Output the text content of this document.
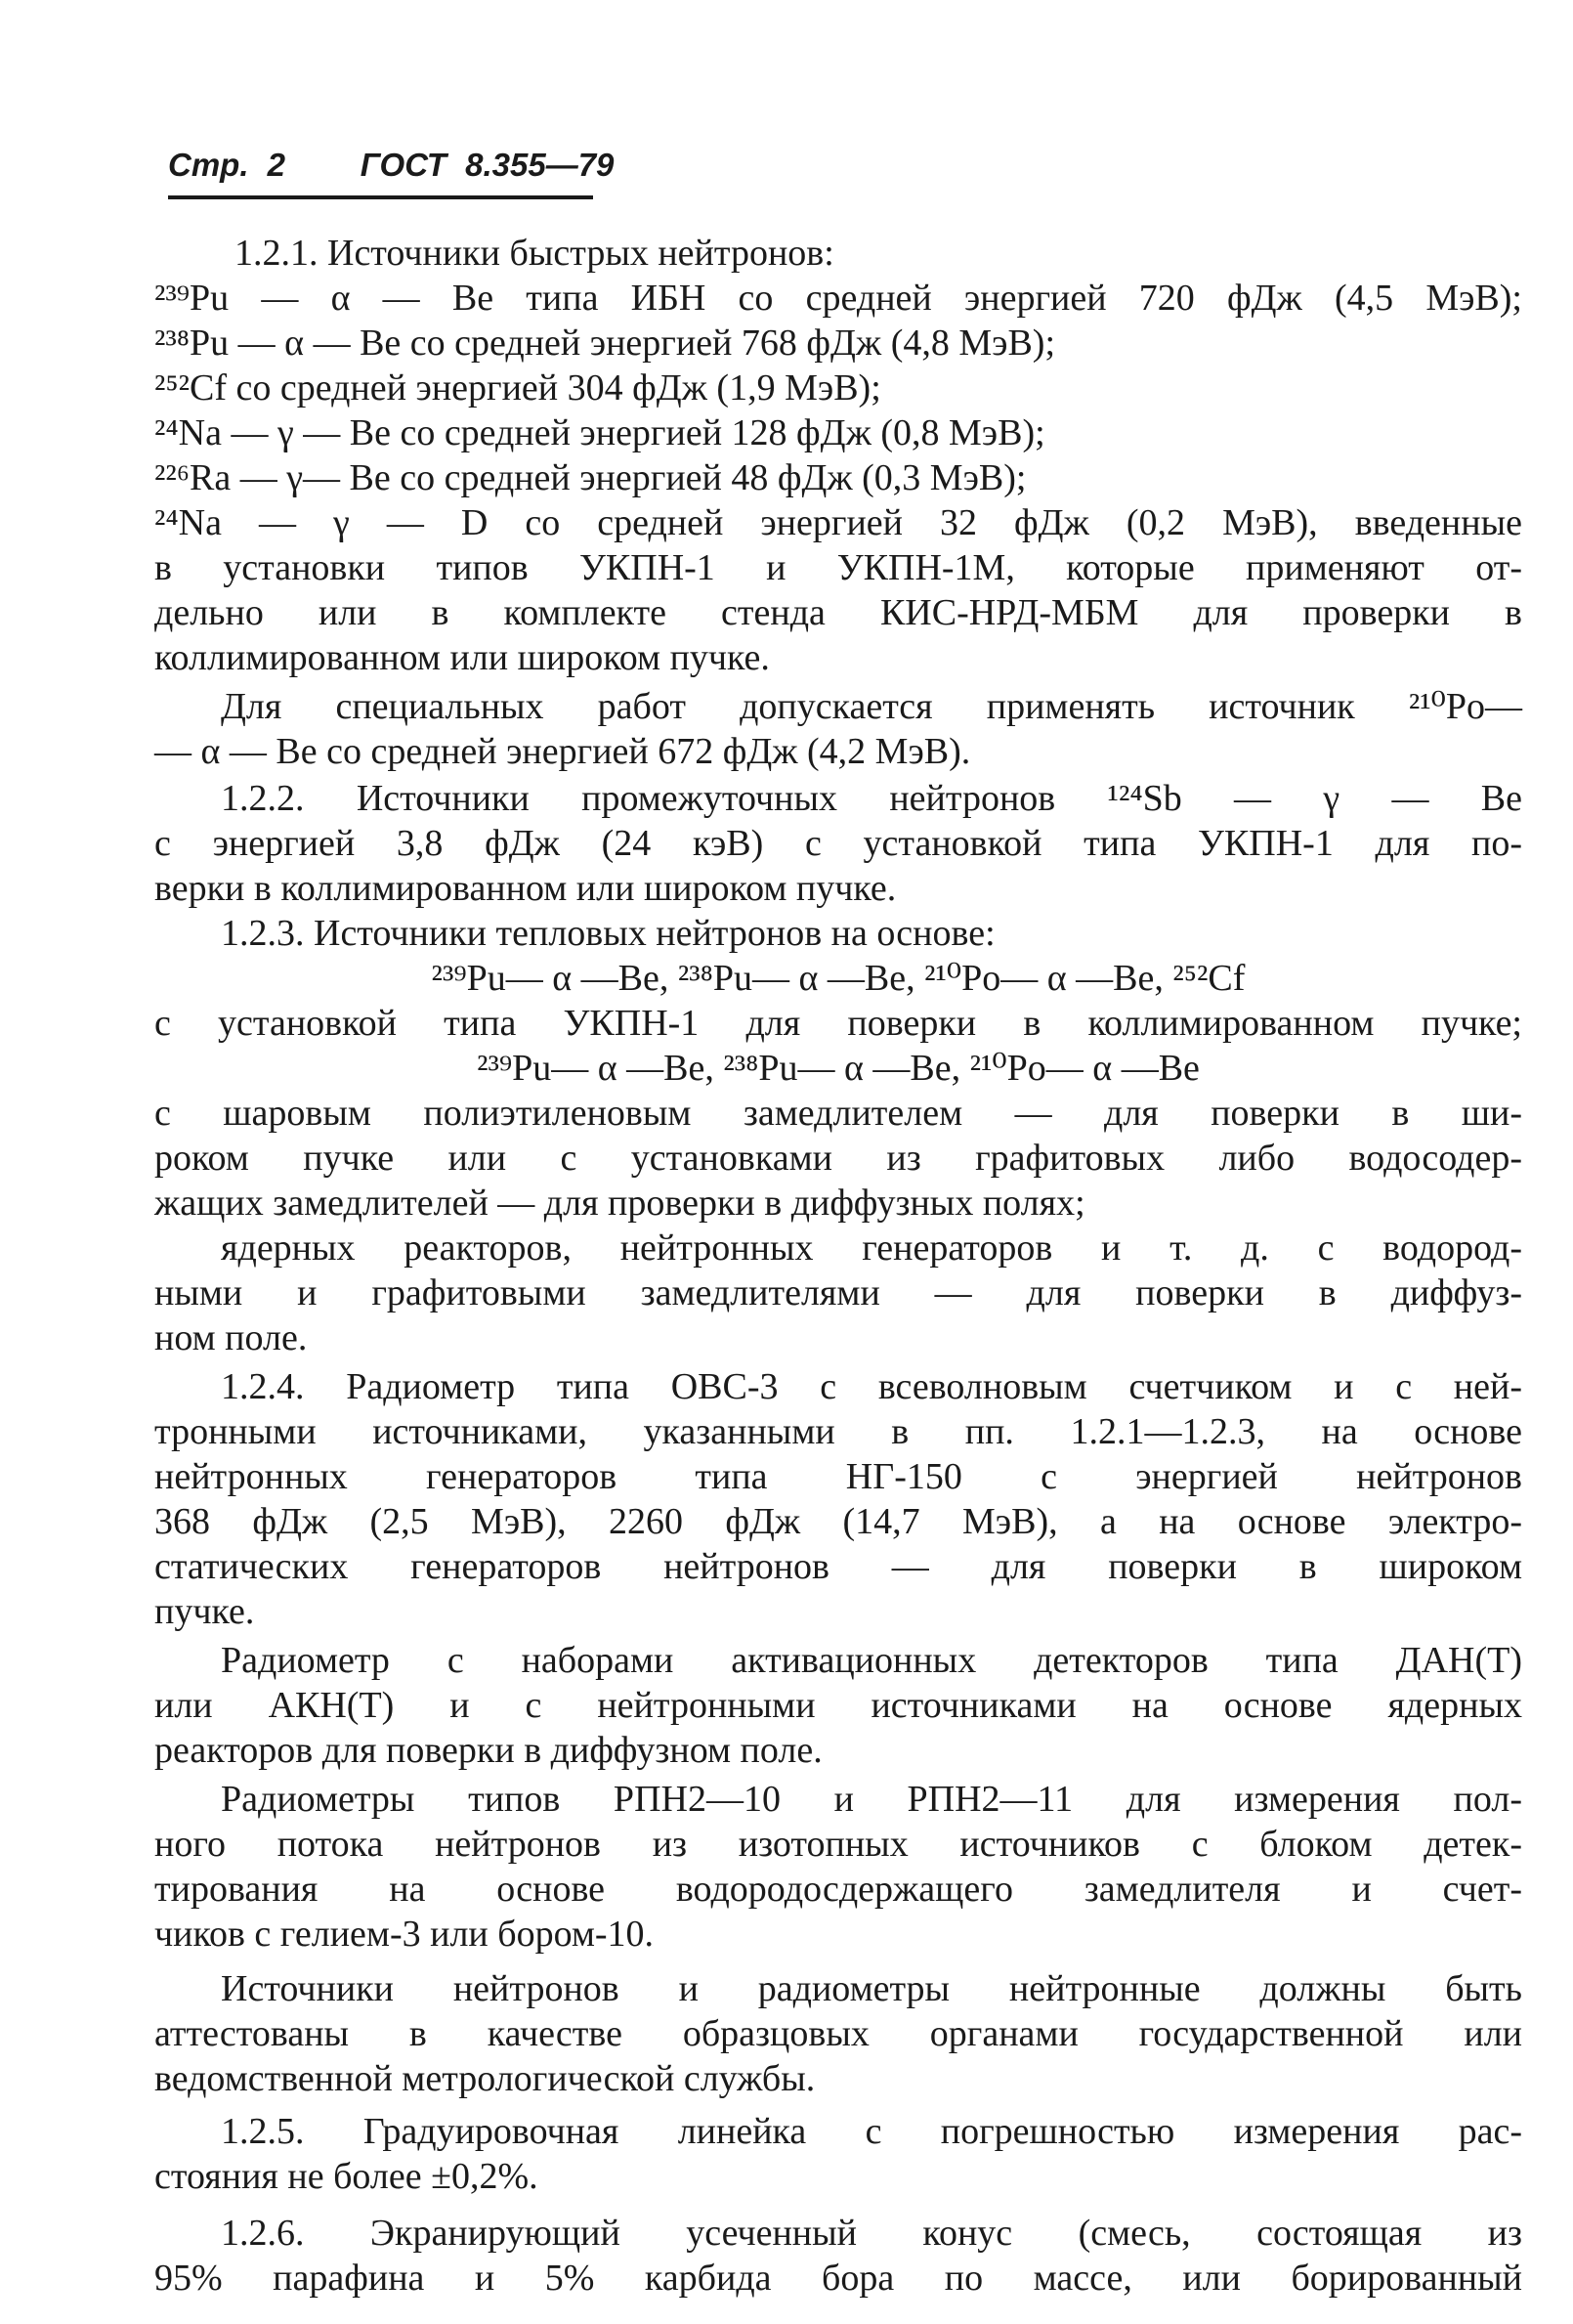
Стр. 2 ГОСТ 8.355—79
1.2.1. Источники быстрых нейтронов:
²³⁹Pu — α — Be типа ИБН со средней энергией 720 фДж (4,5 МэВ);
²³⁸Pu — α — Be со средней энергией 768 фДж (4,8 МэВ);
²⁵²Cf со средней энергией 304 фДж (1,9 МэВ);
²⁴Na — γ — Be со средней энергией 128 фДж (0,8 МэВ);
²²⁶Ra — γ— Be со средней энергией 48 фДж (0,3 МэВ);
²⁴Na — γ — D со средней энергией 32 фДж (0,2 МэВ), введенные
в установки типов УКПН-1 и УКПН-1М, которые применяют от-
дельно или в комплекте стенда КИС-НРД-МБМ для проверки в
коллимированном или широком пучке.
Для специальных работ допускается применять источник ²¹⁰Po—
— α — Be со средней энергией 672 фДж (4,2 МэВ).
1.2.2. Источники промежуточных нейтронов ¹²⁴Sb — γ — Be
с энергией 3,8 фДж (24 кэВ) с установкой типа УКПН-1 для по-
верки в коллимированном или широком пучке.
1.2.3. Источники тепловых нейтронов на основе:
²³⁹Pu— α —Be, ²³⁸Pu— α —Be, ²¹⁰Po— α —Be, ²⁵²Cf
с установкой типа УКПН-1 для поверки в коллимированном пучке;
²³⁹Pu— α —Be, ²³⁸Pu— α —Be, ²¹⁰Po— α —Be
с шаровым полиэтиленовым замедлителем — для поверки в ши-
роком пучке или с установками из графитовых либо водосодер-
жащих замедлителей — для проверки в диффузных полях;
ядерных реакторов, нейтронных генераторов и т. д. с водород-
ными и графитовыми замедлителями — для поверки в диффуз-
ном поле.
1.2.4. Радиометр типа ОВС-3 с всеволновым счетчиком и с ней-
тронными источниками, указанными в пп. 1.2.1—1.2.3, на основе
нейтронных генераторов типа НГ-150 с энергией нейтронов
368 фДж (2,5 МэВ), 2260 фДж (14,7 МэВ), а на основе электро-
статических генераторов нейтронов — для поверки в широком
пучке.
Радиометр с наборами активационных детекторов типа ДАН(Т)
или АКН(Т) и с нейтронными источниками на основе ядерных
реакторов для поверки в диффузном поле.
Радиометры типов РПН2—10 и РПН2—11 для измерения пол-
ного потока нейтронов из изотопных источников с блоком детек-
тирования на основе водородосдержащего замедлителя и счет-
чиков с гелием-3 или бором-10.
Источники нейтронов и радиометры нейтронные должны быть
аттестованы в качестве образцовых органами государственной или
ведомственной метрологической службы.
1.2.5. Градуировочная линейка с погрешностью измерения рас-
стояния не более ±0,2%.
1.2.6. Экранирующий усеченный конус (смесь, состоящая из
95% парафина и 5% карбида бора по массе, или борированный
